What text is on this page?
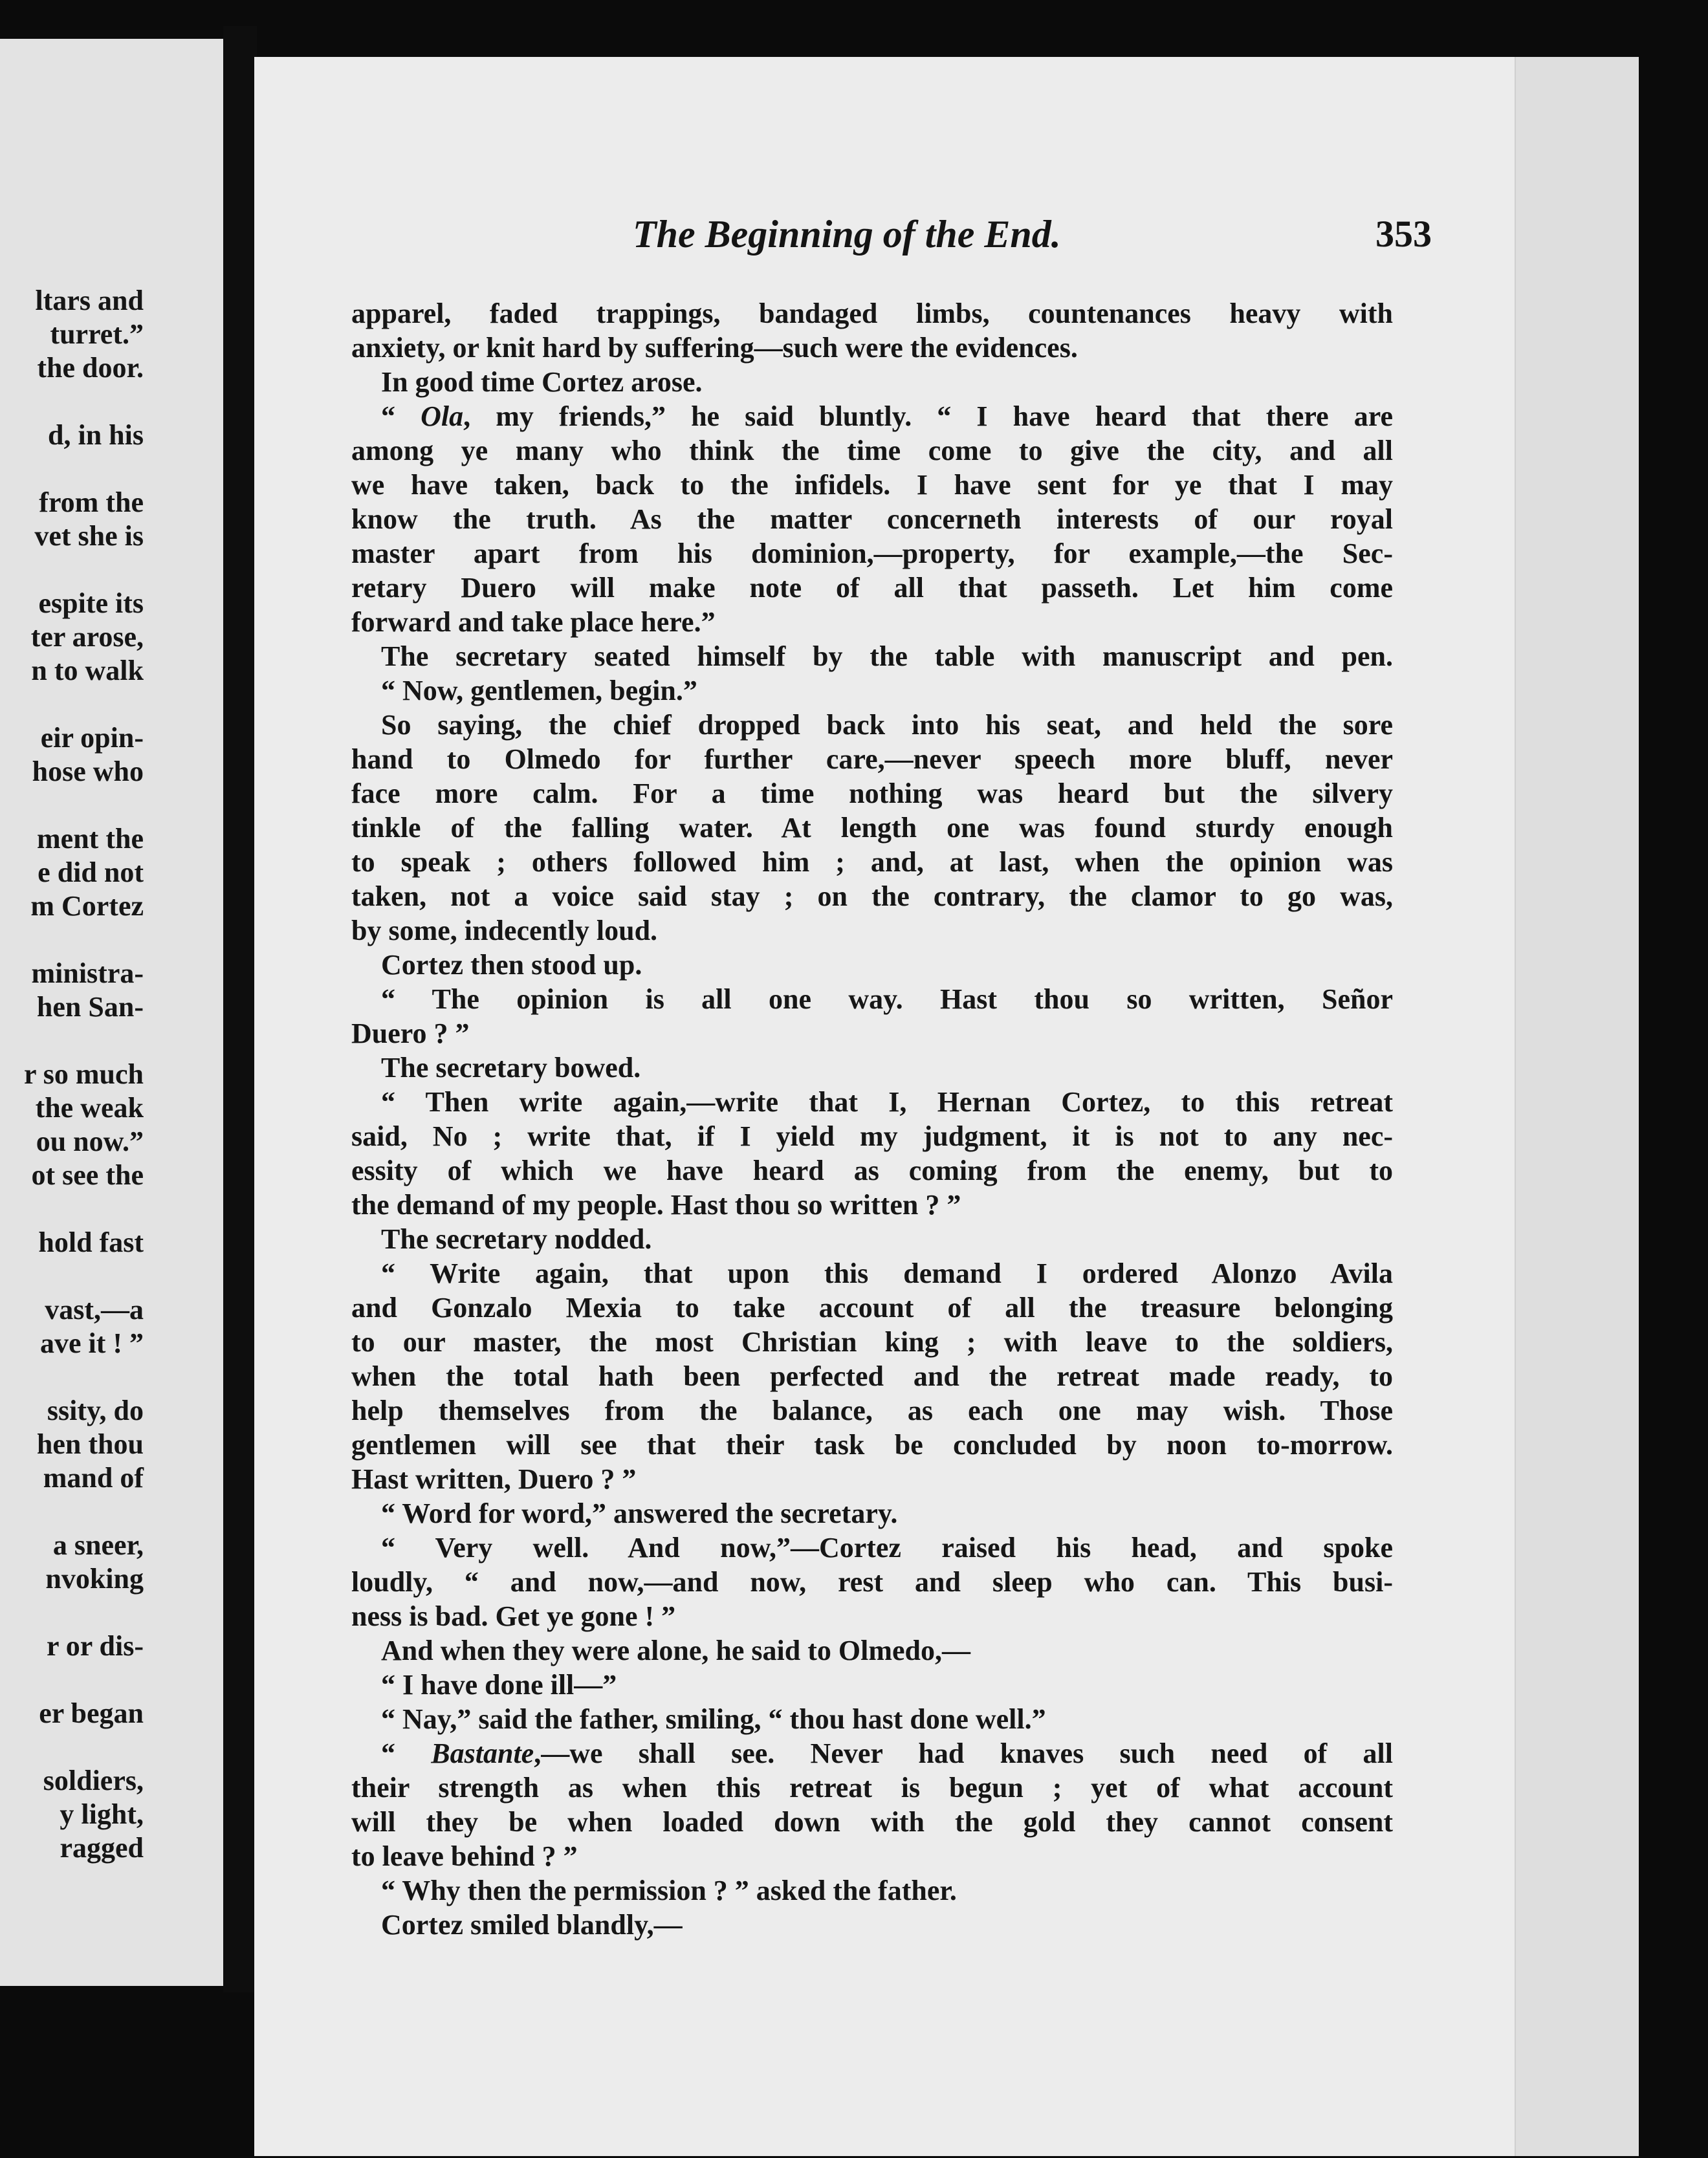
ltars and
turret.”
the door.
d, in his
from the
vet she is
espite its
ter arose,
n to walk
eir opin-
hose who
ment the
e did not
m Cortez
ministra-
hen San-
r so much
the weak
ou now.”
ot see the
hold fast
vast,—a
ave it ! ”
ssity, do
hen thou
mand of
a sneer,
nvoking
r or dis-
er began
soldiers,
y light,
ragged
The Beginning of the End.	353
apparel, faded trappings, bandaged limbs, countenances heavy with
anxiety, or knit hard by suffering—such were the evidences.
In good time Cortez arose.
“ Ola, my friends,” he said bluntly. “ I have heard that there are
among ye many who think the time come to give the city, and all
we have taken, back to the infidels. I have sent for ye that I may
know the truth. As the matter concerneth interests of our royal
master apart from his dominion,—property, for example,—the Sec-
retary Duero will make note of all that passeth. Let him come
forward and take place here.”
The secretary seated himself by the table with manuscript and pen.
“ Now, gentlemen, begin.”
So saying, the chief dropped back into his seat, and held the sore
hand to Olmedo for further care,—never speech more bluff, never
face more calm. For a time nothing was heard but the silvery
tinkle of the falling water. At length one was found sturdy enough
to speak ; others followed him ; and, at last, when the opinion was
taken, not a voice said stay ; on the contrary, the clamor to go was,
by some, indecently loud.
Cortez then stood up.
“ The opinion is all one way. Hast thou so written, Señor
Duero ? ”
The secretary bowed.
“ Then write again,—write that I, Hernan Cortez, to this retreat
said, No ; write that, if I yield my judgment, it is not to any nec-
essity of which we have heard as coming from the enemy, but to
the demand of my people. Hast thou so written ? ”
The secretary nodded.
“ Write again, that upon this demand I ordered Alonzo Avila
and Gonzalo Mexia to take account of all the treasure belonging
to our master, the most Christian king ; with leave to the soldiers,
when the total hath been perfected and the retreat made ready, to
help themselves from the balance, as each one may wish. Those
gentlemen will see that their task be concluded by noon to-morrow.
Hast written, Duero ? ”
“ Word for word,” answered the secretary.
“ Very well. And now,”—Cortez raised his head, and spoke
loudly, “ and now,—and now, rest and sleep who can. This busi-
ness is bad. Get ye gone ! ”
And when they were alone, he said to Olmedo,—
“ I have done ill—”
“ Nay,” said the father, smiling, “ thou hast done well.”
“ Bastante,—we shall see. Never had knaves such need of all
their strength as when this retreat is begun ; yet of what account
will they be when loaded down with the gold they cannot consent
to leave behind ? ”
“ Why then the permission ? ” asked the father.
Cortez smiled blandly,—
